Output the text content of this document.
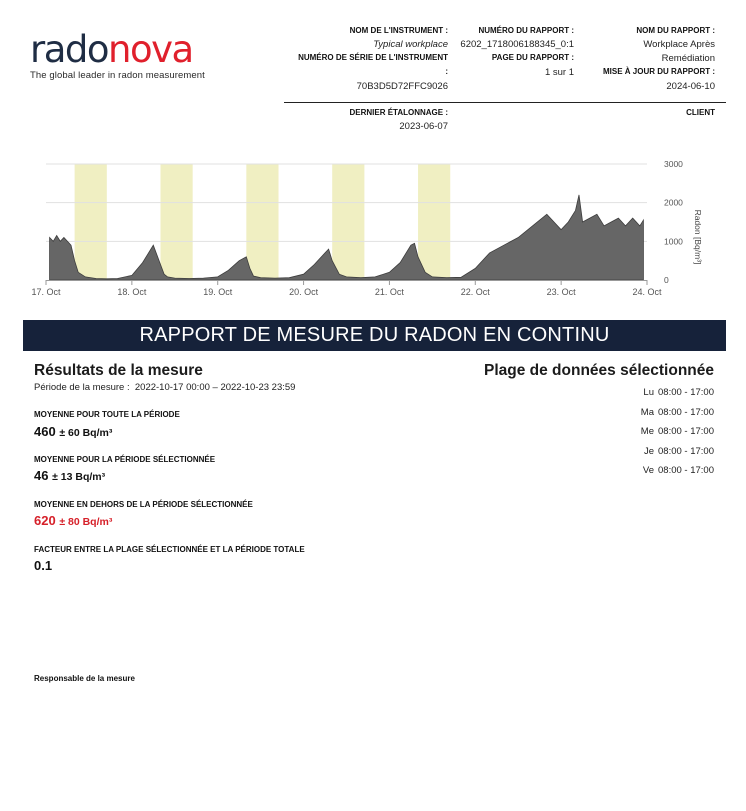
radonova
The global leader in radon measurement
NOM DE L'INSTRUMENT :
Typical workplace
NUMÉRO DE SÉRIE DE L'INSTRUMENT
:
70B3D5D72FFC9026
NUMÉRO DU RAPPORT :
6202_1718006188345_0:1
PAGE DU RAPPORT :
1 sur 1
NOM DU RAPPORT :
Workplace Après
Remédiation
MISE À JOUR DU RAPPORT :
2024-06-10
DERNIER ÉTALONNAGE :
2023-06-07
CLIENT
17. Oct	18. Oct	19. Oct	20. Oct	21. Oct	22. Oct	23. Oct	24. Oct
0
1000
2000
3000
Radon [Bq/m³]
RAPPORT DE MESURE DU RADON EN CONTINU
Résultats de la mesure
Période de la mesure : 2022-10-17 00:00 – 2022-10-23 23:59
MOYENNE POUR TOUTE LA PÉRIODE
460 ± 60 Bq/m³
MOYENNE POUR LA PÉRIODE SÉLECTIONNÉE
46 ± 13 Bq/m³
MOYENNE EN DEHORS DE LA PÉRIODE SÉLECTIONNÉE
620 ± 80 Bq/m³
FACTEUR ENTRE LA PLAGE SÉLECTIONNÉE ET LA PÉRIODE TOTALE
0.1
Plage de données sélectionnée
Lu 08:00 - 17:00
Ma 08:00 - 17:00
Me 08:00 - 17:00
Je 08:00 - 17:00
Ve 08:00 - 17:00
Responsable de la mesure
